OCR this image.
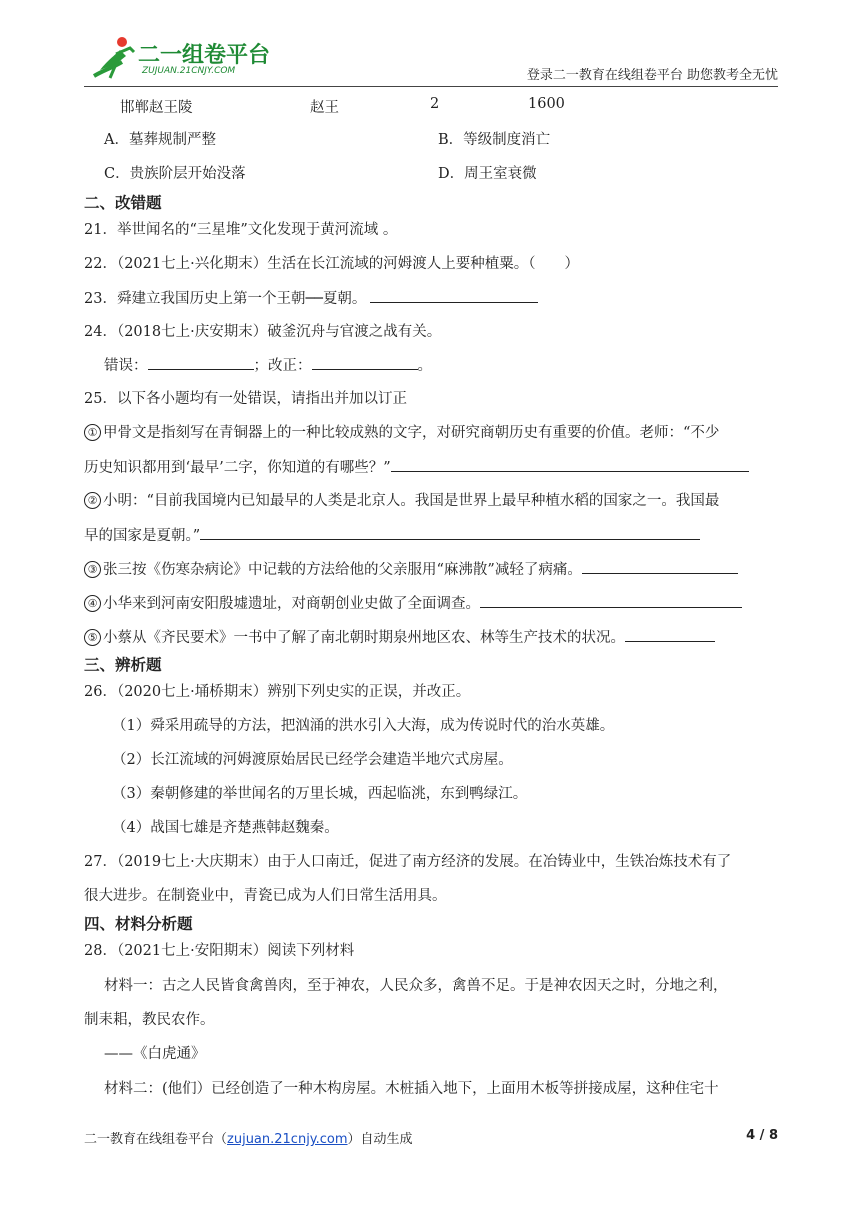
二一组卷平台
ZUJUAN.21CNJY.COM	登录二一教育在线组卷平台 助您教考全无忧
邯郸赵王陵	赵王	2	1600
A．墓葬规制严整	B．等级制度消亡
C．贵族阶层开始没落	D．周王室衰微
二、改错题
21．举世闻名的“三星堆”文化发现于黄河流域 。
22．（2021七上·兴化期末）生活在长江流域的河姆渡人上要种植粟。（　　）
23．舜建立我国历史上第一个王朝──夏朝。
24．（2018七上·庆安期末）破釜沉舟与官渡之战有关。
错误：	；改正：	。
25．以下各小题均有一处错误，请指出并加以订正
① 甲骨文是指刻写在青铜器上的一种比较成熟的文字，对研究商朝历史有重要的价值。老师：“不少
历史知识都用到‘最早’二字，你知道的有哪些？”
② 小明：“目前我国境内已知最早的人类是北京人。我国是世界上最早种植水稻的国家之一。我国最
早的国家是夏朝。”
③ 张三按《伤寒杂病论》中记载的方法给他的父亲服用“麻沸散”减轻了病痛。
④ 小华来到河南安阳殷墟遗址，对商朝创业史做了全面调查。
⑤ 小蔡从《齐民要术》一书中了解了南北朝时期泉州地区农、林等生产技术的状况。
三、辨析题
26．（2020七上·埇桥期末）辨别下列史实的正误，并改正。
（1）舜采用疏导的方法，把汹涌的洪水引入大海，成为传说时代的治水英雄。
（2）长江流域的河姆渡原始居民已经学会建造半地穴式房屋。
（3）秦朝修建的举世闻名的万里长城，西起临洮，东到鸭绿江。
（4）战国七雄是齐楚燕韩赵魏秦。
27．（2019七上·大庆期末）由于人口南迁，促进了南方经济的发展。在冶铸业中，生铁冶炼技术有了
很大进步。在制瓷业中，青瓷已成为人们日常生活用具。
四、材料分析题
28．（2021七上·安阳期末）阅读下列材料
材料一：古之人民皆食禽兽肉，至于神农，人民众多，禽兽不足。于是神农因天之时，分地之利，
制耒耜，教民农作。
——《白虎通》
材料二：(他们）已经创造了一种木构房屋。木桩插入地下，上面用木板等拼接成屋，这种住宅十
二一教育在线组卷平台（zujuan.21cnjy.com）自动生成	4 / 8
